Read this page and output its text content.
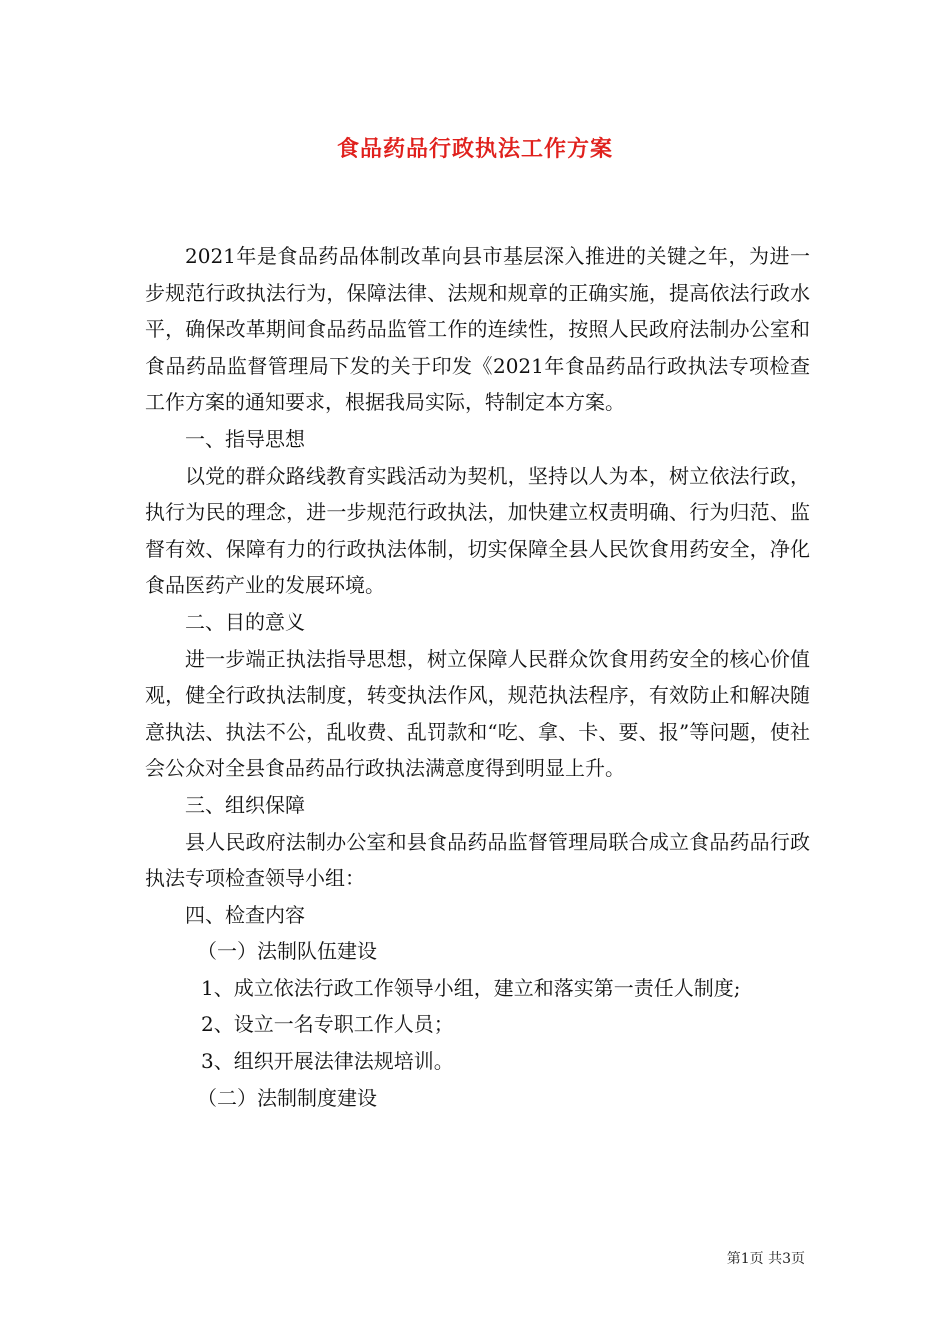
食品药品行政执法工作方案

2021年是食品药品体制改革向县市基层深入推进的关键之年，为进一步规范行政执法行为，保障法律、法规和规章的正确实施，提高依法行政水平，确保改革期间食品药品监管工作的连续性，按照人民政府法制办公室和食品药品监督管理局下发的关于印发《2021年食品药品行政执法专项检查工作方案的通知要求，根据我局实际，特制定本方案。

一、指导思想

以党的群众路线教育实践活动为契机，坚持以人为本，树立依法行政，执行为民的理念，进一步规范行政执法，加快建立权责明确、行为归范、监督有效、保障有力的行政执法体制，切实保障全县人民饮食用药安全，净化食品医药产业的发展环境。

二、目的意义

进一步端正执法指导思想，树立保障人民群众饮食用药安全的核心价值观，健全行政执法制度，转变执法作风，规范执法程序，有效防止和解决随意执法、执法不公，乱收费、乱罚款和“吃、拿、卡、要、报”等问题，使社会公众对全县食品药品行政执法满意度得到明显上升。

三、组织保障

县人民政府法制办公室和县食品药品监督管理局联合成立食品药品行政执法专项检查领导小组：

四、检查内容

（一）法制队伍建设

1、成立依法行政工作领导小组，建立和落实第一责任人制度;

2、设立一名专职工作人员；

3、组织开展法律法规培训。

（二）法制制度建设

第1页 共3页
